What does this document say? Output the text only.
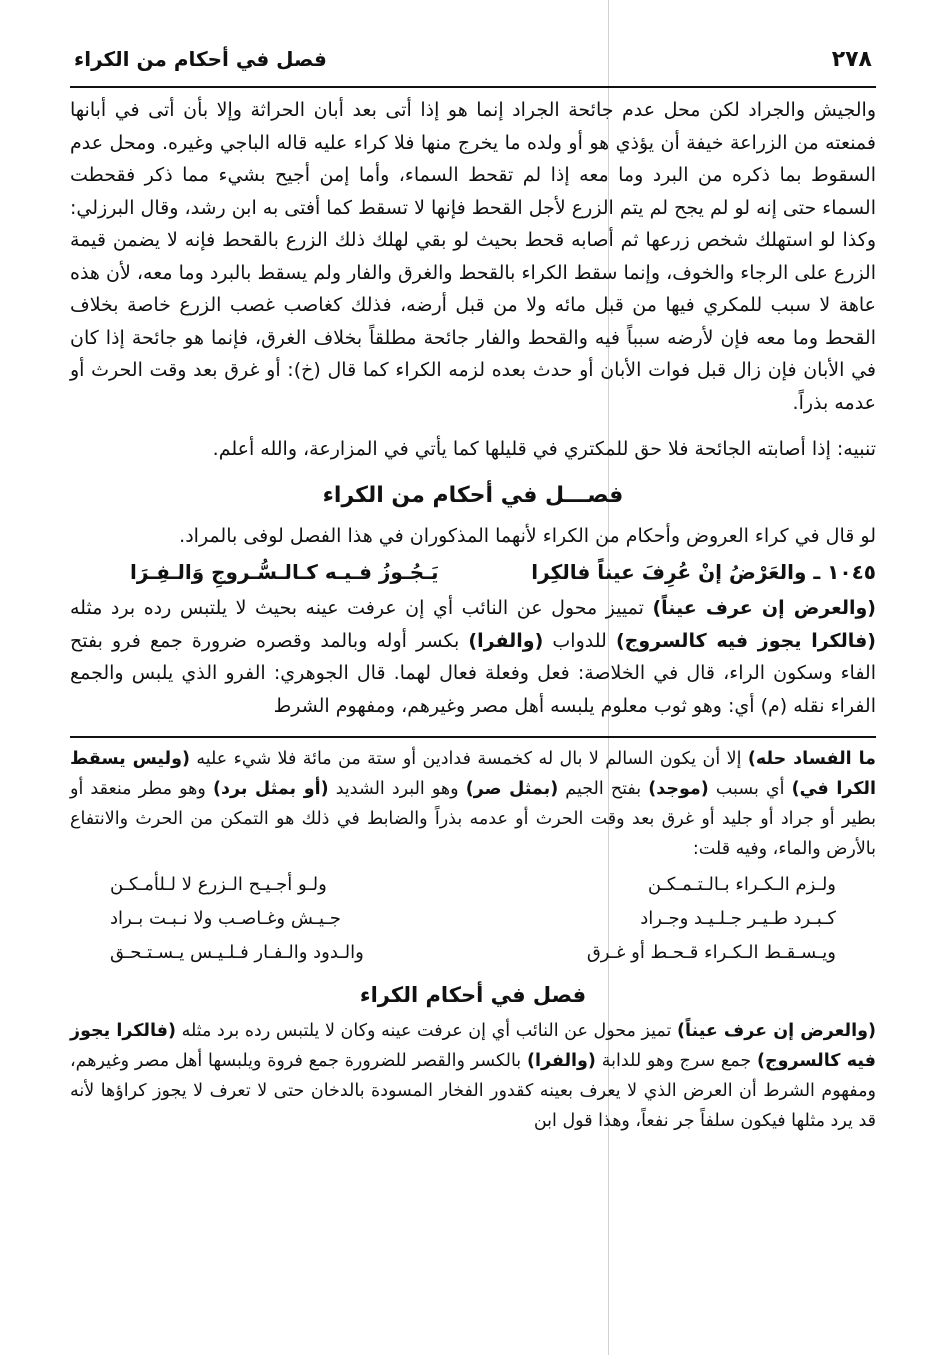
٢٧٨
فصل في أحكام من الكراء

والجيش والجراد لكن محل عدم جائحة الجراد إنما هو إذا أتى بعد أبان الحراثة وإلا بأن أتى في أبانها فمنعته من الزراعة خيفة أن يؤذي هو أو ولده ما يخرج منها فلا كراء عليه قاله الباجي وغيره. ومحل عدم السقوط بما ذكره من البرد وما معه إذا لم تقحط السماء، وأما إمن أجيح بشيء مما ذكر فقحطت السماء حتى إنه لو لم يجح لم يتم الزرع لأجل القحط فإنها لا تسقط كما أفتى به ابن رشد، وقال البرزلي: وكذا لو استهلك شخص زرعها ثم أصابه قحط بحيث لو بقي لهلك ذلك الزرع بالقحط فإنه لا يضمن قيمة الزرع على الرجاء والخوف، وإنما سقط الكراء بالقحط والغرق والفار ولم يسقط بالبرد وما معه، لأن هذه عاهة لا سبب للمكري فيها من قبل مائه ولا من قبل أرضه، فذلك كغاصب غصب الزرع خاصة بخلاف القحط وما معه فإن لأرضه سبباً فيه والقحط والفار جائحة مطلقاً بخلاف الغرق، فإنما هو جائحة إذا كان في الأبان فإن زال قبل فوات الأبان أو حدث بعده لزمه الكراء كما قال (خ): أو غرق بعد وقت الحرث أو عدمه بذراً.

تنبيه: إذا أصابته الجائحة فلا حق للمكتري في قليلها كما يأتي في المزارعة، والله أعلم.

فصـــل في أحكام من الكراء

لو قال في كراء العروض وأحكام من الكراء لأنهما المذكوران في هذا الفصل لوفى بالمراد.

١٠٤٥ ـ والعَرْضُ إنْ عُرِفَ عيناً فالكِرا
يَـجُـوزُ فـيـه كـالـسُّـروجِ وَالـفِـرَا

(والعرض إن عرف عيناً) تمييز محول عن النائب أي إن عرفت عينه بحيث لا يلتبس رده برد مثله (فالكرا يجوز فيه كالسروج) للدواب (والفرا) بكسر أوله وبالمد وقصره ضرورة جمع فرو بفتح الفاء وسكون الراء، قال في الخلاصة: فعل وفعلة فعال لهما. قال الجوهري: الفرو الذي يلبس والجمع الفراء نقله (م) أي: وهو ثوب معلوم يلبسه أهل مصر وغيرهم، ومفهوم الشرط

ما الفساد حله) إلا أن يكون السالم لا بال له كخمسة فدادين أو ستة من مائة فلا شيء عليه (وليس يسقط الكرا في) أي بسبب (موجد) بفتح الجيم (بمثل صر) وهو البرد الشديد (أو بمثل برد) وهو مطر منعقد أو بطير أو جراد أو جليد أو غرق بعد وقت الحرث أو عدمه بذراً والضابط في ذلك هو التمكن من الحرث والانتفاع بالأرض والماء، وفيه قلت:

ولـزم الـكـراء بـالـتـمـكـن
ولـو أجـيـح الـزرع لا لـلأمـكـن
كـبـرد طـيـر جـلـيـد وجـراد
جـيـش وغـاصـب ولا نـبـت بـراد
ويـسـقـط الـكـراء قـحـط أو غـرق
والـدود والـفـار فـلـيـس يـسـتـحـق
فصل في أحكام الكراء

(والعرض إن عرف عيناً) تميز محول عن النائب أي إن عرفت عينه وكان لا يلتبس رده برد مثله (فالكرا يجوز فيه كالسروج) جمع سرج وهو للدابة (والفرا) بالكسر والقصر للضرورة جمع فروة ويلبسها أهل مصر وغيرهم، ومفهوم الشرط أن العرض الذي لا يعرف بعينه كقدور الفخار المسودة بالدخان حتى لا تعرف لا يجوز كراؤها لأنه قد يرد مثلها فيكون سلفاً جر نفعاً، وهذا قول ابن
